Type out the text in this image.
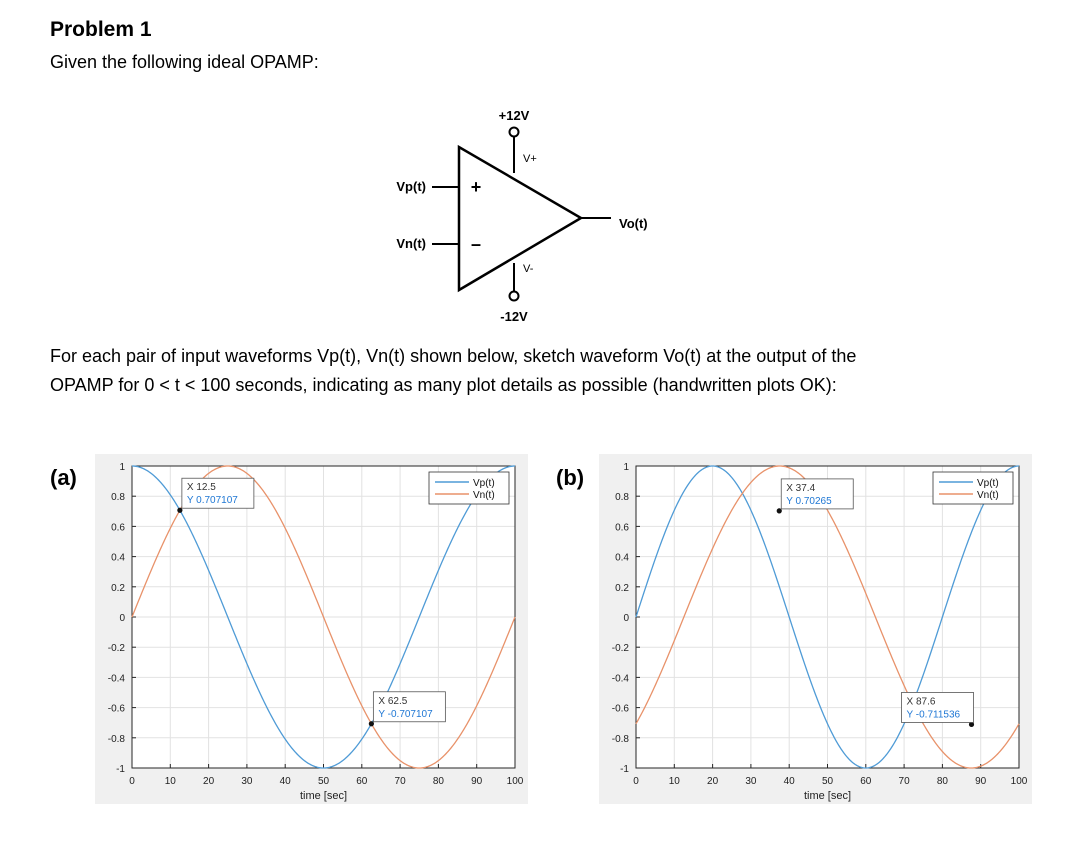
Problem 1

Given the following ideal OPAMP:

+12V
V+
Vp(t) +
Vn(t) –
Vo(t)
V-
-12V

For each pair of input waveforms Vp(t), Vn(t) shown below, sketch waveform Vo(t) at the output of the
OPAMP for 0 < t < 100 seconds, indicating as many plot details as possible (handwritten plots OK):

(a)
0	10	20	30	40	50	60	70	80	90 100
-1
-0.8
-0.6
-0.4
-0.2
0
0.2
0.4
0.6
0.8
1
Vp(t)
Vn(t)
X 12.5
Y 0.707107
X 62.5
Y -0.707107
time [sec]
(b)
0	10	20	30	40	50	60	70	80	90 100
-1
-0.8
-0.6
-0.4
-0.2
0
0.2
0.4
0.6
0.8
1
Vp(t)
Vn(t)
X 37.4
Y 0.70265
X 87.6
Y -0.711536
time [sec]
